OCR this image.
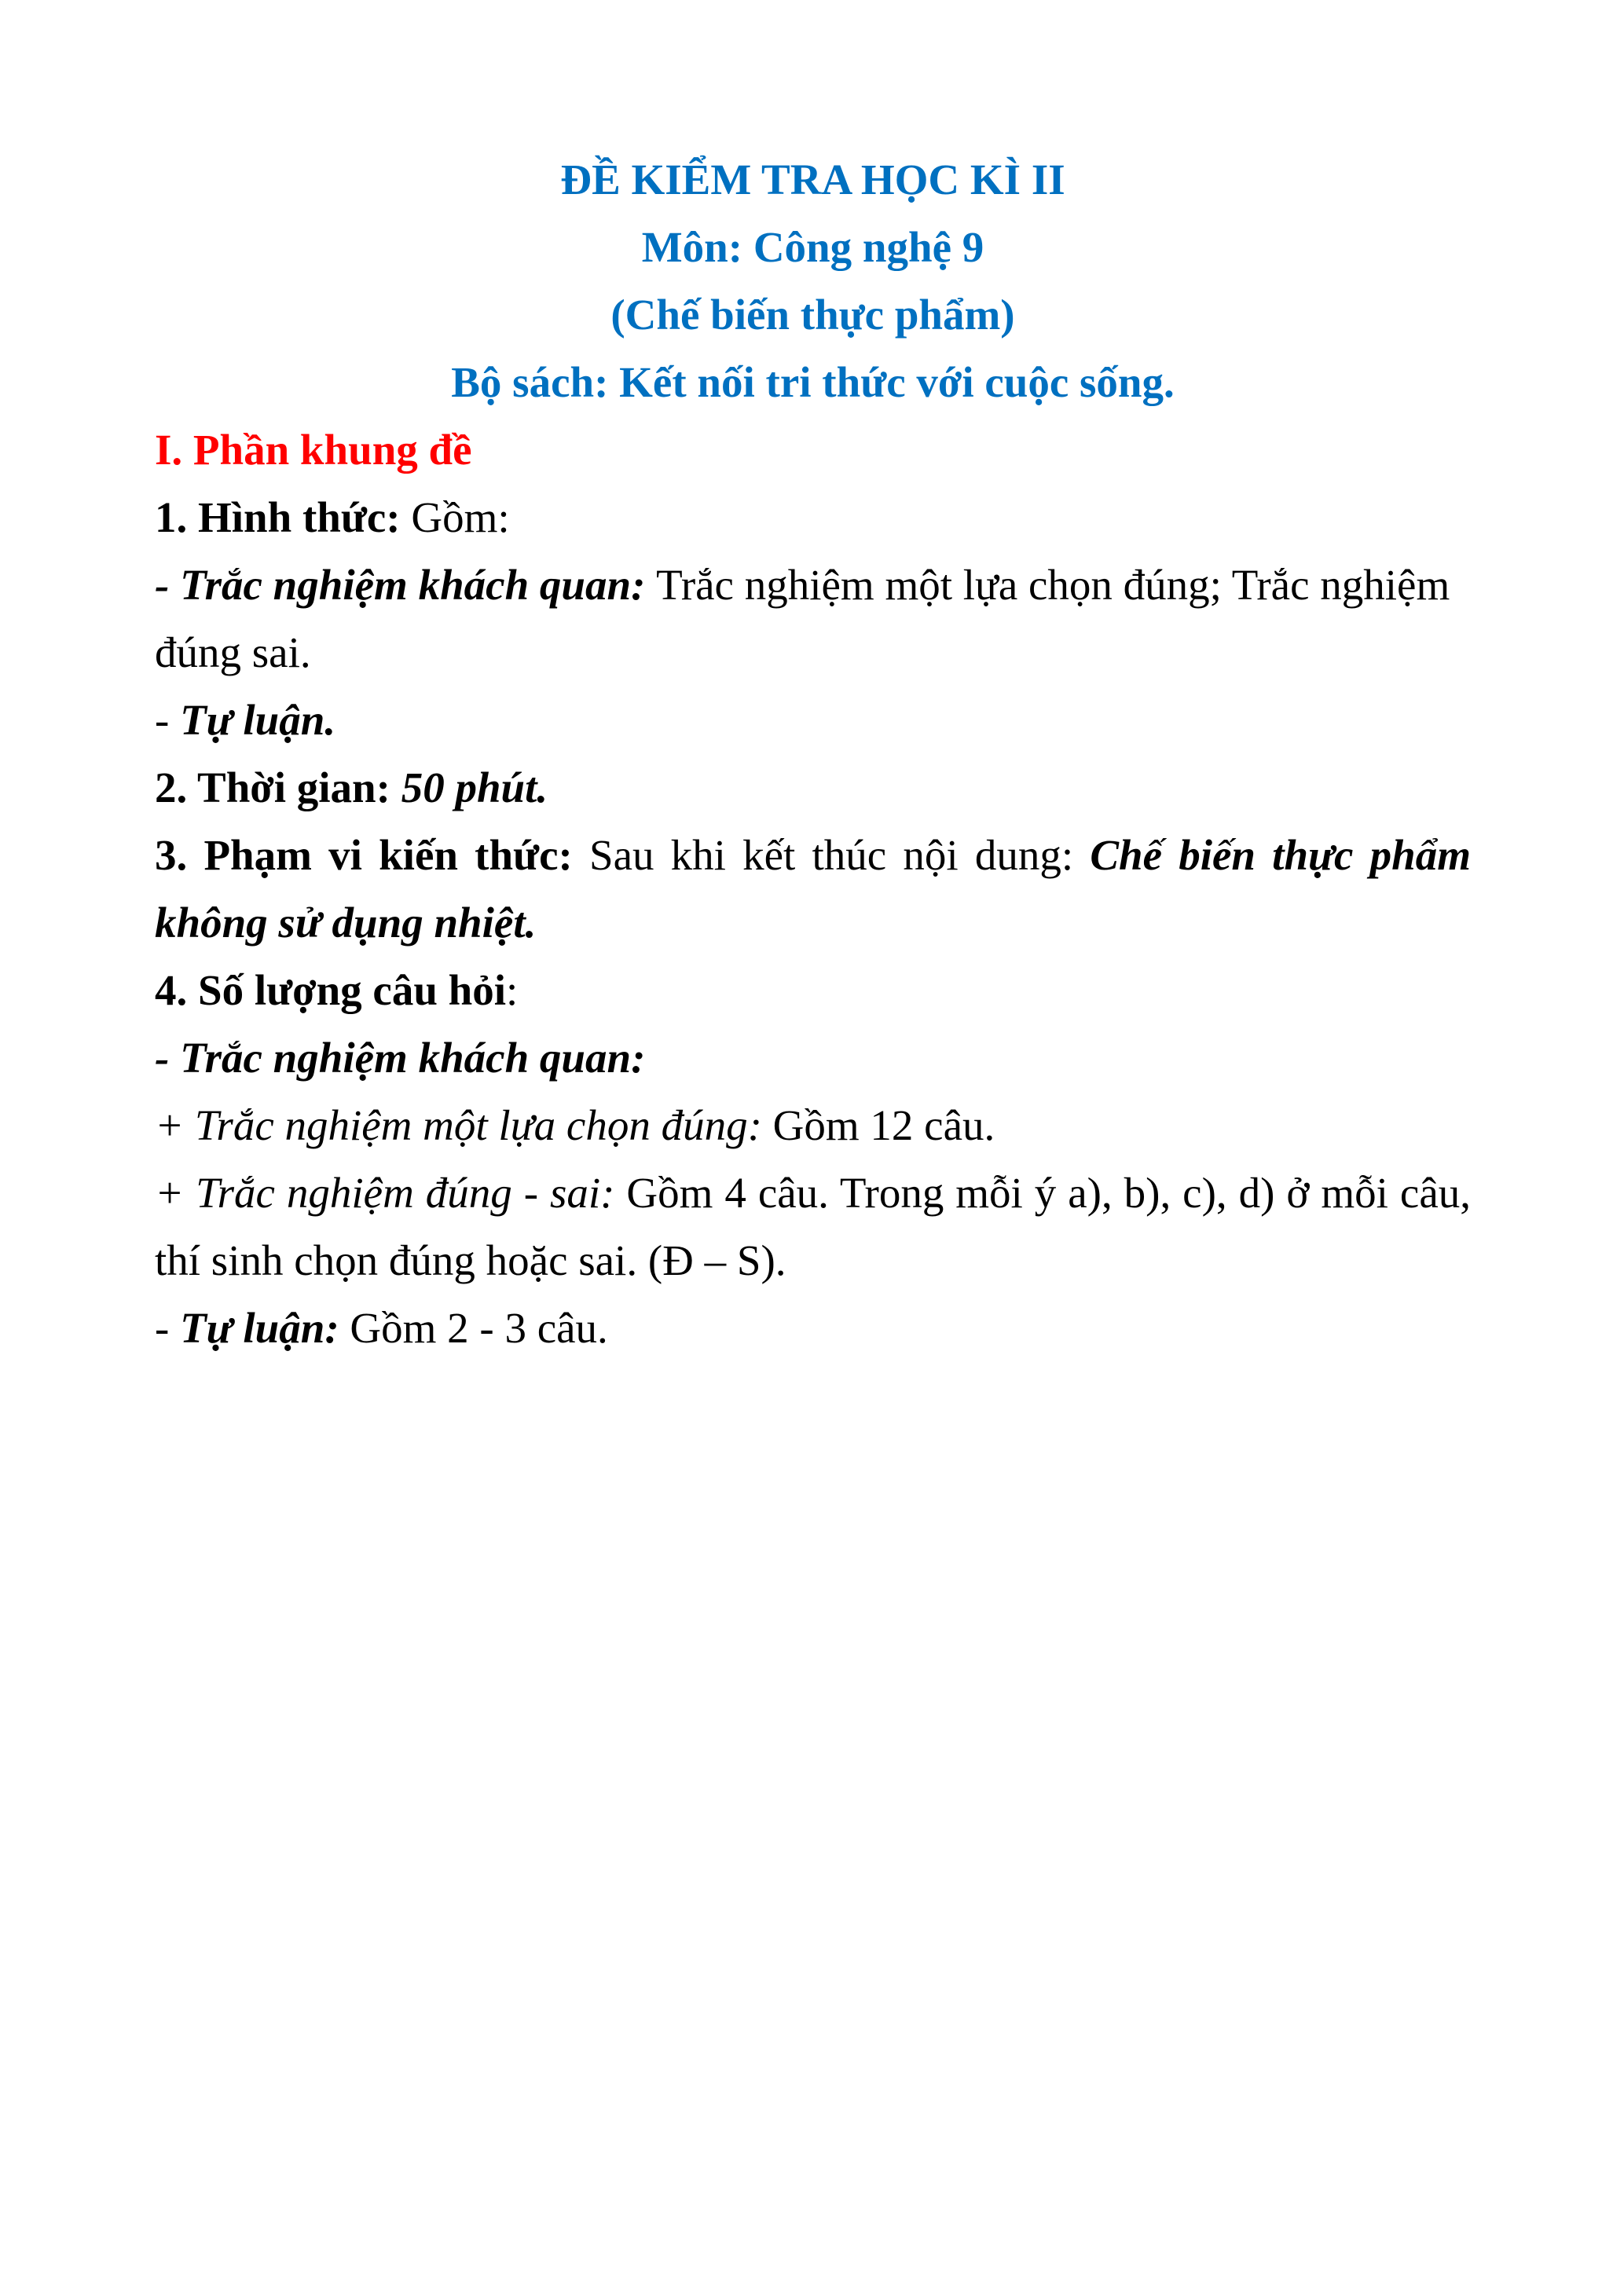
ĐỀ KIỂM TRA HỌC KÌ II

Môn: Công nghệ 9

(Chế biến thực phẩm)

Bộ sách: Kết nối tri thức với cuộc sống.

I. Phần khung đề

1. Hình thức: Gồm:

- Trắc nghiệm khách quan: Trắc nghiệm một lựa chọn đúng; Trắc nghiệm đúng sai.

- Tự luận.

2. Thời gian: 50 phút.

3. Phạm vi kiến thức: Sau khi kết thúc nội dung: Chế biến thực phẩm không sử dụng nhiệt.

4. Số lượng câu hỏi:

- Trắc nghiệm khách quan:

+ Trắc nghiệm một lựa chọn đúng: Gồm 12 câu.

+ Trắc nghiệm đúng - sai: Gồm 4 câu. Trong mỗi ý a), b), c), d) ở mỗi câu, thí sinh chọn đúng hoặc sai. (Đ – S).

- Tự luận: Gồm 2 - 3 câu.
